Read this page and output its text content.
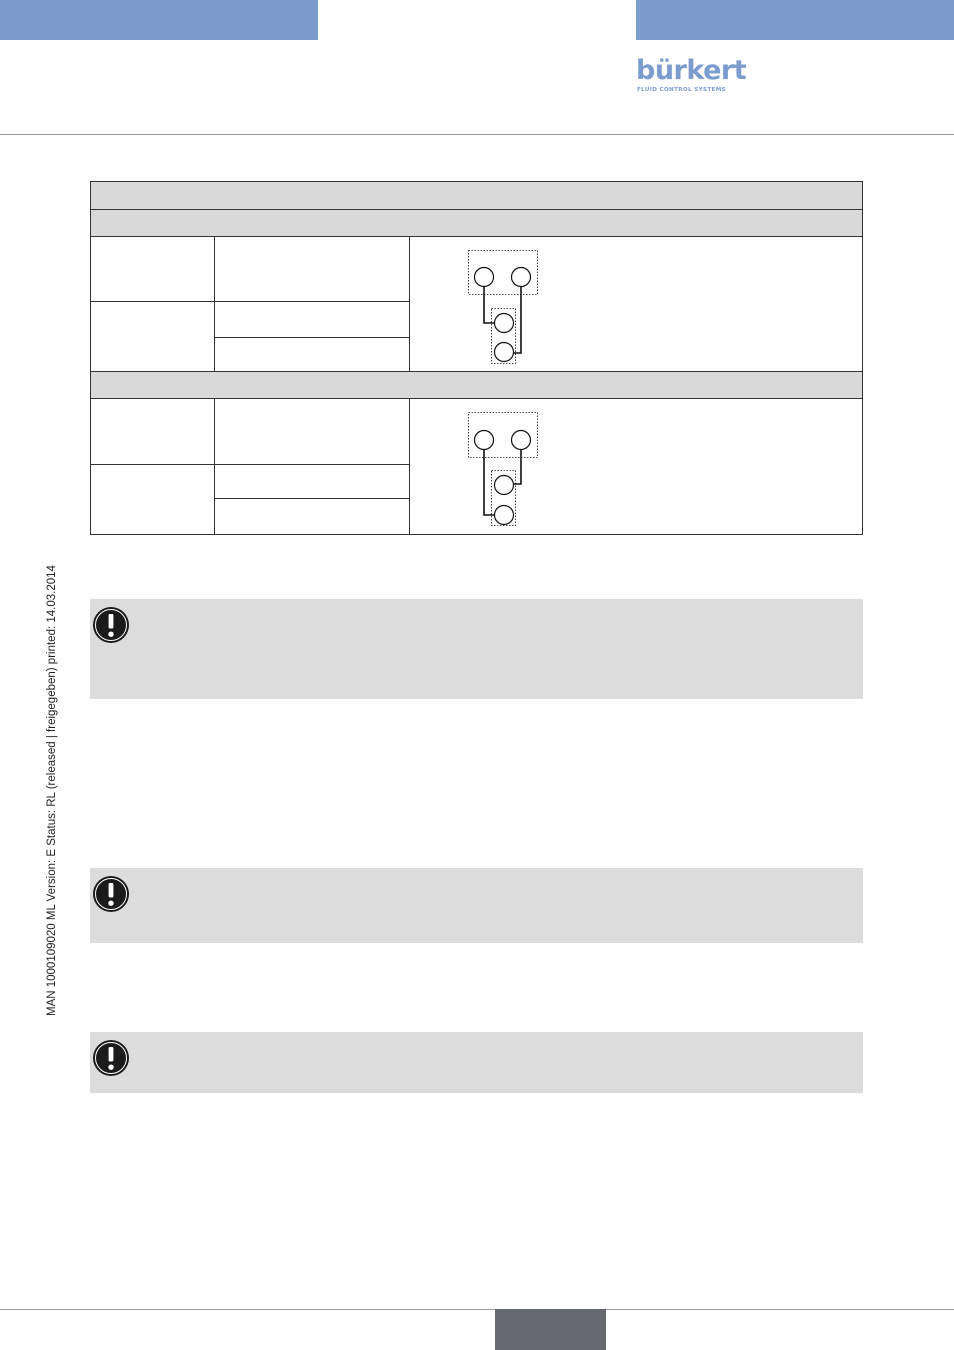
bürkert
FLUID CONTROL SYSTEMS
MAN 1000109020 ML Version: E Status: RL (released | freigegeben) printed: 14.03.2014
